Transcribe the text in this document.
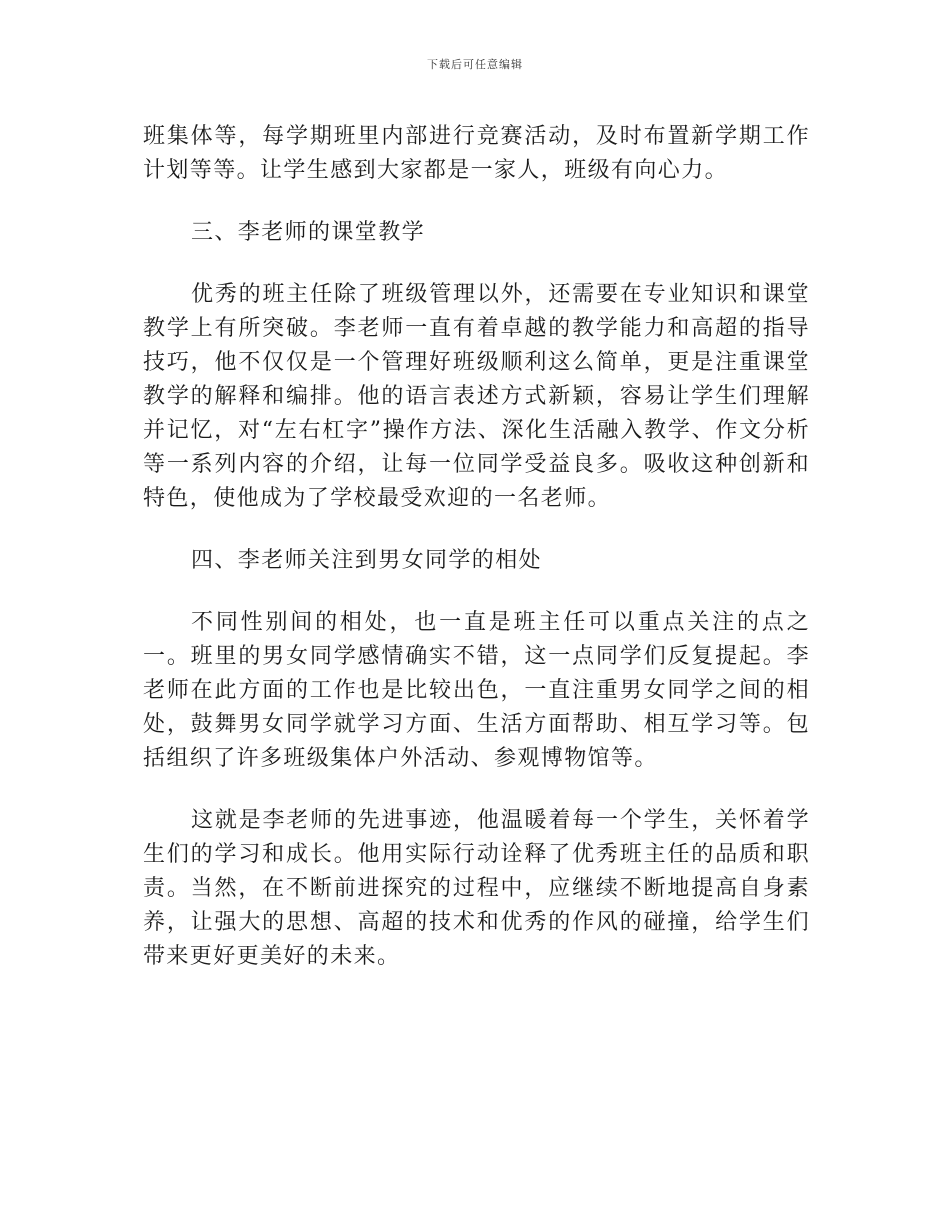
下载后可任意编辑

班集体等，每学期班里内部进行竞赛活动，及时布置新学期工作计划等等。让学生感到大家都是一家人，班级有向心力。

三、李老师的课堂教学

优秀的班主任除了班级管理以外，还需要在专业知识和课堂教学上有所突破。李老师一直有着卓越的教学能力和高超的指导技巧，他不仅仅是一个管理好班级顺利这么简单，更是注重课堂教学的解释和编排。他的语言表述方式新颖，容易让学生们理解并记忆，对“左右杠字”操作方法、深化生活融入教学、作文分析等一系列内容的介绍，让每一位同学受益良多。吸收这种创新和特色，使他成为了学校最受欢迎的一名老师。

四、李老师关注到男女同学的相处

不同性别间的相处，也一直是班主任可以重点关注的点之一。班里的男女同学感情确实不错，这一点同学们反复提起。李老师在此方面的工作也是比较出色，一直注重男女同学之间的相处，鼓舞男女同学就学习方面、生活方面帮助、相互学习等。包括组织了许多班级集体户外活动、参观博物馆等。

这就是李老师的先进事迹，他温暖着每一个学生，关怀着学生们的学习和成长。他用实际行动诠释了优秀班主任的品质和职责。当然，在不断前进探究的过程中，应继续不断地提高自身素养，让强大的思想、高超的技术和优秀的作风的碰撞，给学生们带来更好更美好的未来。
